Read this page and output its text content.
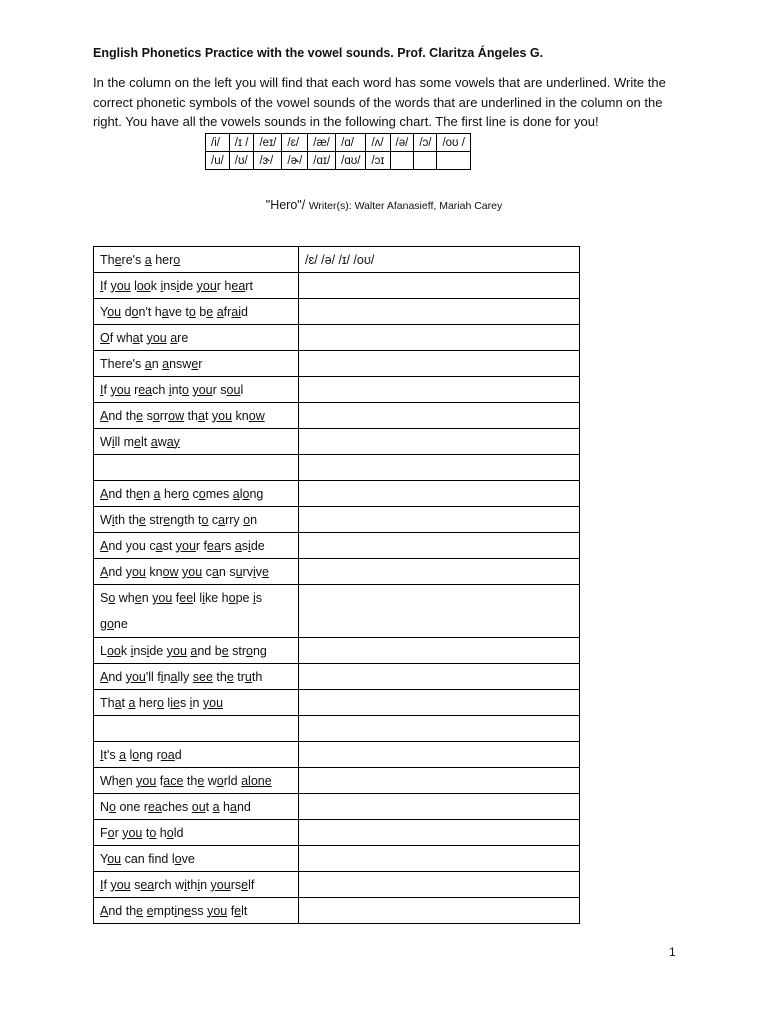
English Phonetics Practice with the vowel sounds. Prof. Claritza Ángeles G.
In the column on the left you will find that each word has some vowels that are underlined. Write the correct phonetic symbols of the vowel sounds of the words that are underlined in the column on the right. You have all the vowels sounds in the following chart. The first line is done for you!
/i/	/ɪ /	/eɪ/	/ɛ/	/æ/	/ɑ/	/ʌ/	/ə/	/ɔ/	/oʊ /
/u/	/ʊ/	/ɝ/	/ɚ/	/ɑɪ/	/ɑʊ/	/ɔɪ			
"Hero"/ Writer(s): Walter Afanasieff, Mariah Carey
There's a hero	/ɛ/ /ə/ /ɪ/ /oʊ/
If you look inside your heart	
You don't have to be afraid	
Of what you are	
There's an answer	
If you reach into your soul	
And the sorrow that you know	
Will melt away	

And then a hero comes along	
With the strength to carry on	
And you cast your fears aside	
And you know you can survive	
So when you feel like hope is gone	
Look inside you and be strong	
And you'll finally see the truth	
That a hero lies in you	

It's a long road	
When you face the world alone	
No one reaches out a hand	
For you to hold	
You can find love	
If you search within yourself	
And the emptiness you felt	
1
